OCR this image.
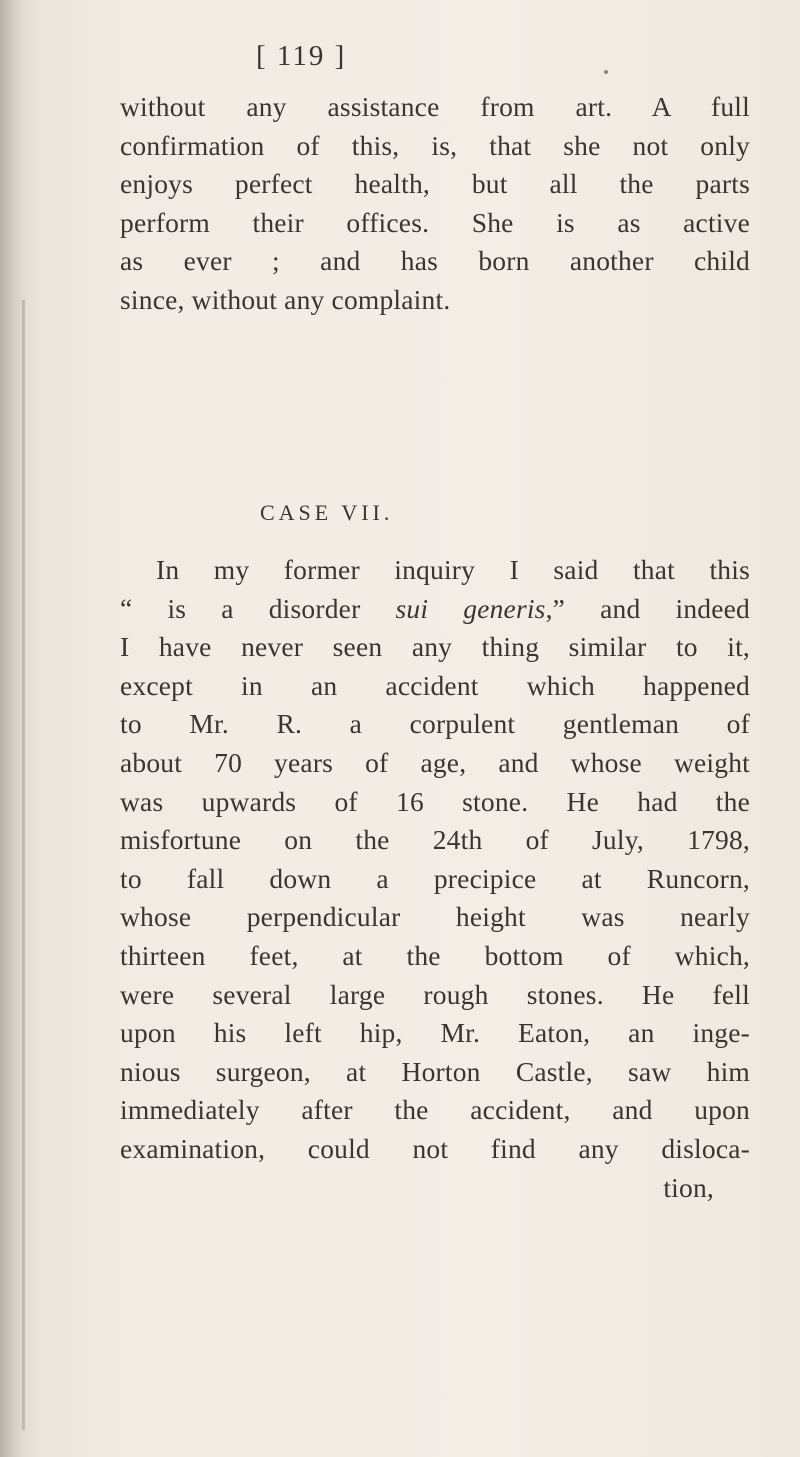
[ 119 ]
without any assistance from art. A full
confirmation of this, is, that she not only
enjoys perfect health, but all the parts
perform their offices. She is as active
as ever ; and has born another child
since, without any complaint.
CASE VII.
In my former inquiry I said that this
“ is a disorder sui generis,” and indeed
I have never seen any thing similar to it,
except in an accident which happened
to Mr. R. a corpulent gentleman of
about 70 years of age, and whose weight
was upwards of 16 stone. He had the
misfortune on the 24th of July, 1798,
to fall down a precipice at Runcorn,
whose perpendicular height was nearly
thirteen feet, at the bottom of which,
were several large rough stones. He fell
upon his left hip, Mr. Eaton, an inge-
nious surgeon, at Horton Castle, saw him
immediately after the accident, and upon
examination, could not find any disloca-
tion,
